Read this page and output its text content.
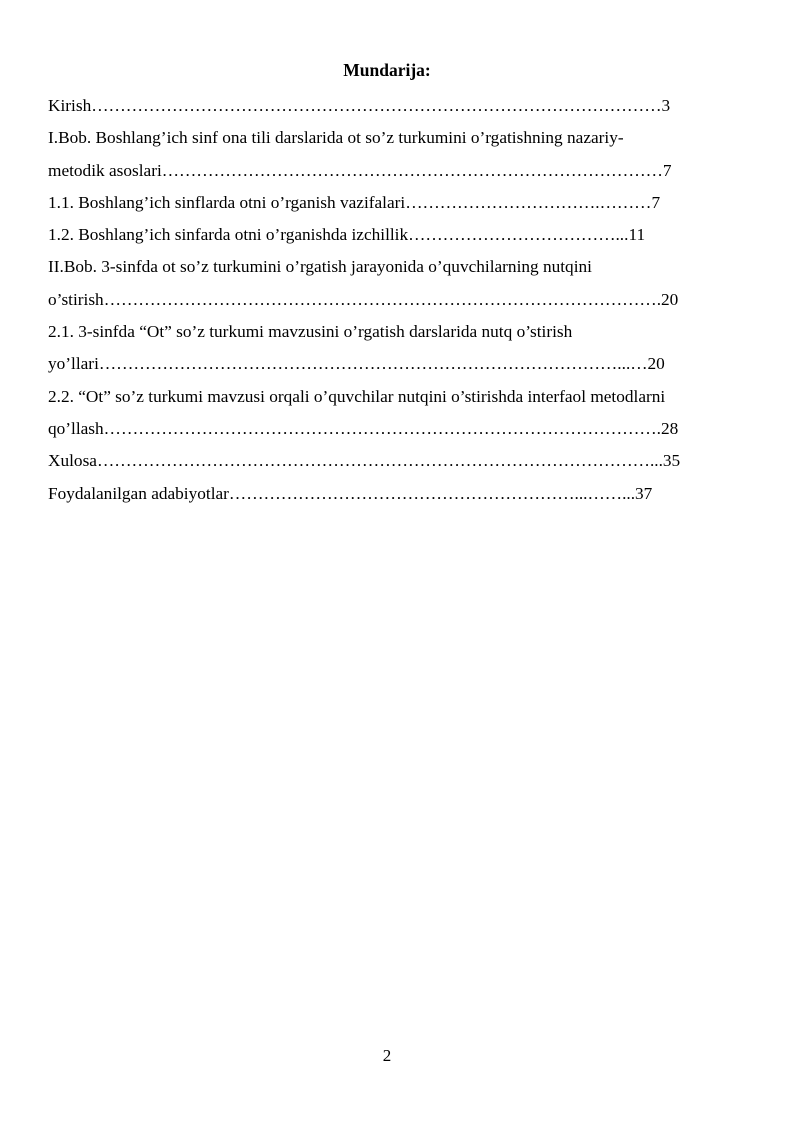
Mundarija:
Kirish………………………………………………………………………………………3
I.Bob. Boshlang’ich sinf ona tili darslarida ot so’z turkumini o’rgatishning nazariy-
metodik asoslari……………………………………………………………………………7
1.1. Boshlang’ich sinflarda otni o’rganish vazifalari…………………………….………7
1.2. Boshlang’ich sinfarda otni o’rganishda izchillik………………………………...11
II.Bob. 3-sinfda ot so’z turkumini o’rgatish jarayonida o’quvchilarning nutqini
o’stirish…………………………………………………………………………………….20
2.1. 3-sinfda “Ot” so’z turkumi mavzusini o’rgatish darslarida nutq o’stirish
yo’llari………………………………………………………………………………...…20
2.2. “Ot” so’z turkumi mavzusi orqali o’quvchilar nutqini o’stirishda interfaol metodlarni
qo’llash…………………………………………………………………………………….28
Xulosa……………………………………………………………………………………...35
Foydalanilgan adabiyotlar……………………………………………………...……...37
2
